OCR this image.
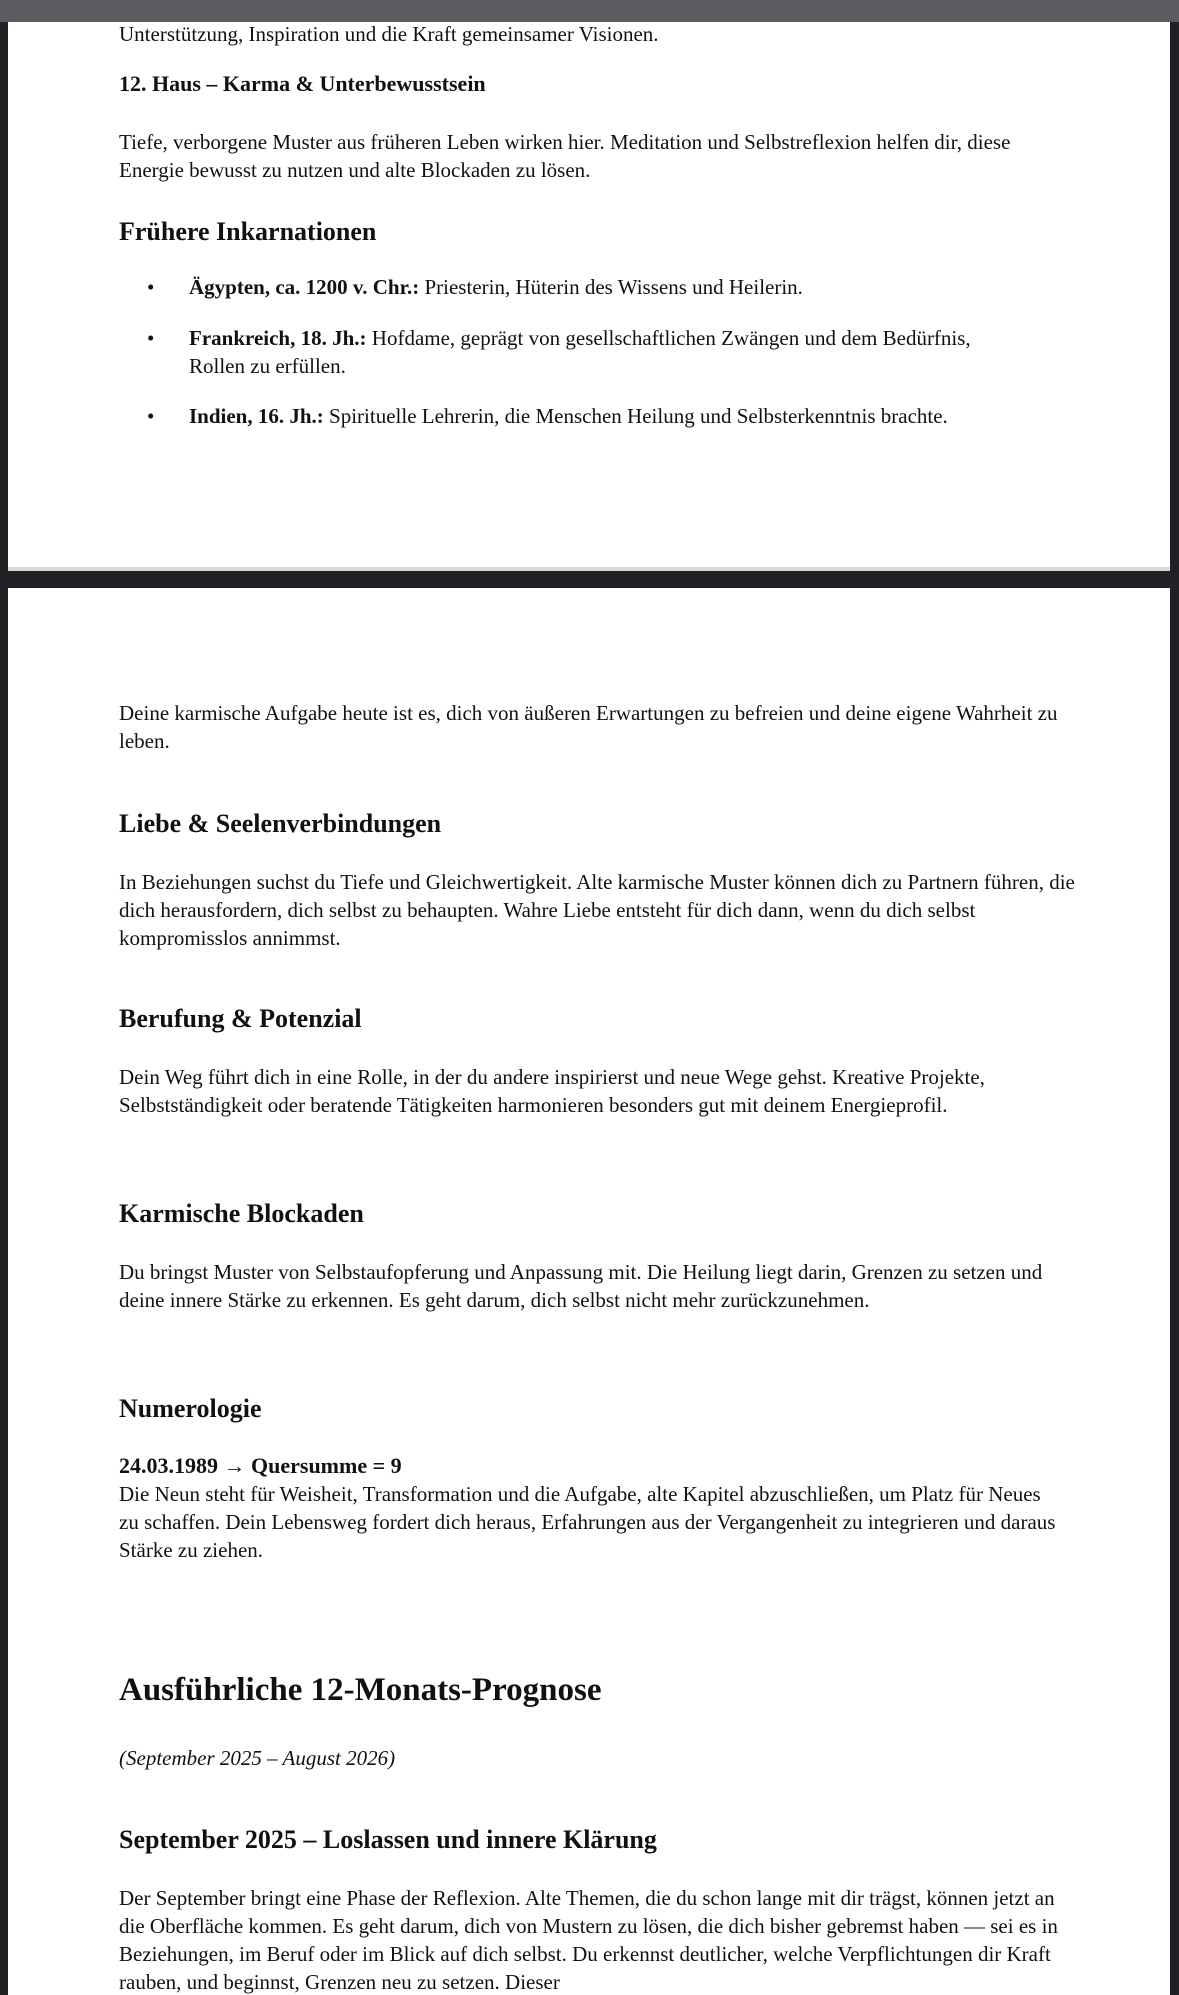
Unterstützung, Inspiration und die Kraft gemeinsamer Visionen.

12. Haus – Karma & Unterbewusstsein

Tiefe, verborgene Muster aus früheren Leben wirken hier. Meditation und Selbstreflexion helfen dir, diese Energie bewusst zu nutzen und alte Blockaden zu lösen.

Frühere Inkarnationen

• Ägypten, ca. 1200 v. Chr.: Priesterin, Hüterin des Wissens und Heilerin.
• Frankreich, 18. Jh.: Hofdame, geprägt von gesellschaftlichen Zwängen und dem Bedürfnis, Rollen zu erfüllen.
• Indien, 16. Jh.: Spirituelle Lehrerin, die Menschen Heilung und Selbsterkenntnis brachte.

Deine karmische Aufgabe heute ist es, dich von äußeren Erwartungen zu befreien und deine eigene Wahrheit zu leben.

Liebe & Seelenverbindungen

In Beziehungen suchst du Tiefe und Gleichwertigkeit. Alte karmische Muster können dich zu Partnern führen, die dich herausfordern, dich selbst zu behaupten. Wahre Liebe entsteht für dich dann, wenn du dich selbst kompromisslos annimmst.

Berufung & Potenzial

Dein Weg führt dich in eine Rolle, in der du andere inspirierst und neue Wege gehst. Kreative Projekte, Selbstständigkeit oder beratende Tätigkeiten harmonieren besonders gut mit deinem Energieprofil.

Karmische Blockaden

Du bringst Muster von Selbstaufopferung und Anpassung mit. Die Heilung liegt darin, Grenzen zu setzen und deine innere Stärke zu erkennen. Es geht darum, dich selbst nicht mehr zurückzunehmen.

Numerologie

24.03.1989 → Quersumme = 9

Die Neun steht für Weisheit, Transformation und die Aufgabe, alte Kapitel abzuschließen, um Platz für Neues zu schaffen. Dein Lebensweg fordert dich heraus, Erfahrungen aus der Vergangenheit zu integrieren und daraus Stärke zu ziehen.

Ausführliche 12-Monats-Prognose

(September 2025 – August 2026)

September 2025 – Loslassen und innere Klärung

Der September bringt eine Phase der Reflexion. Alte Themen, die du schon lange mit dir trägst, können jetzt an die Oberfläche kommen. Es geht darum, dich von Mustern zu lösen, die dich bisher gebremst haben — sei es in Beziehungen, im Beruf oder im Blick auf dich selbst. Du erkennst deutlicher, welche Verpflichtungen dir Kraft rauben, und beginnst, Grenzen neu zu setzen. Dieser
